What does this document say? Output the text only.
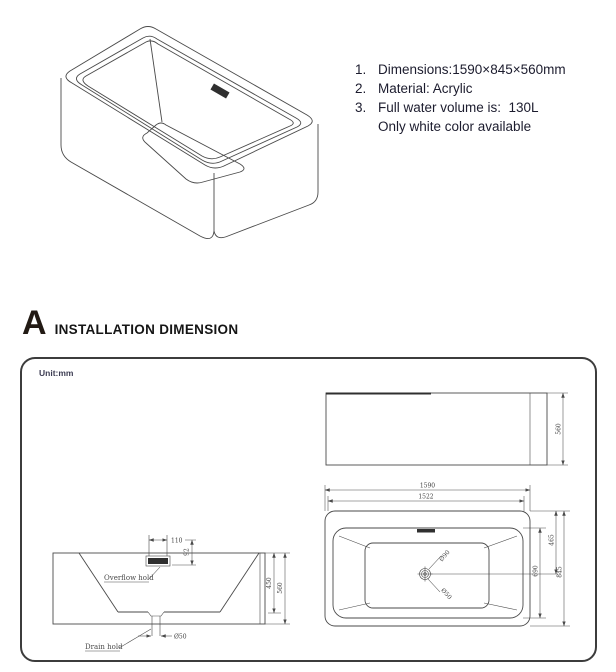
1. Dimensions:1590×845×560mm
2. Material: Acrylic
3. Full water volume is:  130L
Only white color available
A INSTALLATION DIMENSION
Unit:mm
110
92
Overflow hold	450 560
Ø50
Drain hold
560
1590
1522
Ø90
Ø50
465
690	845
